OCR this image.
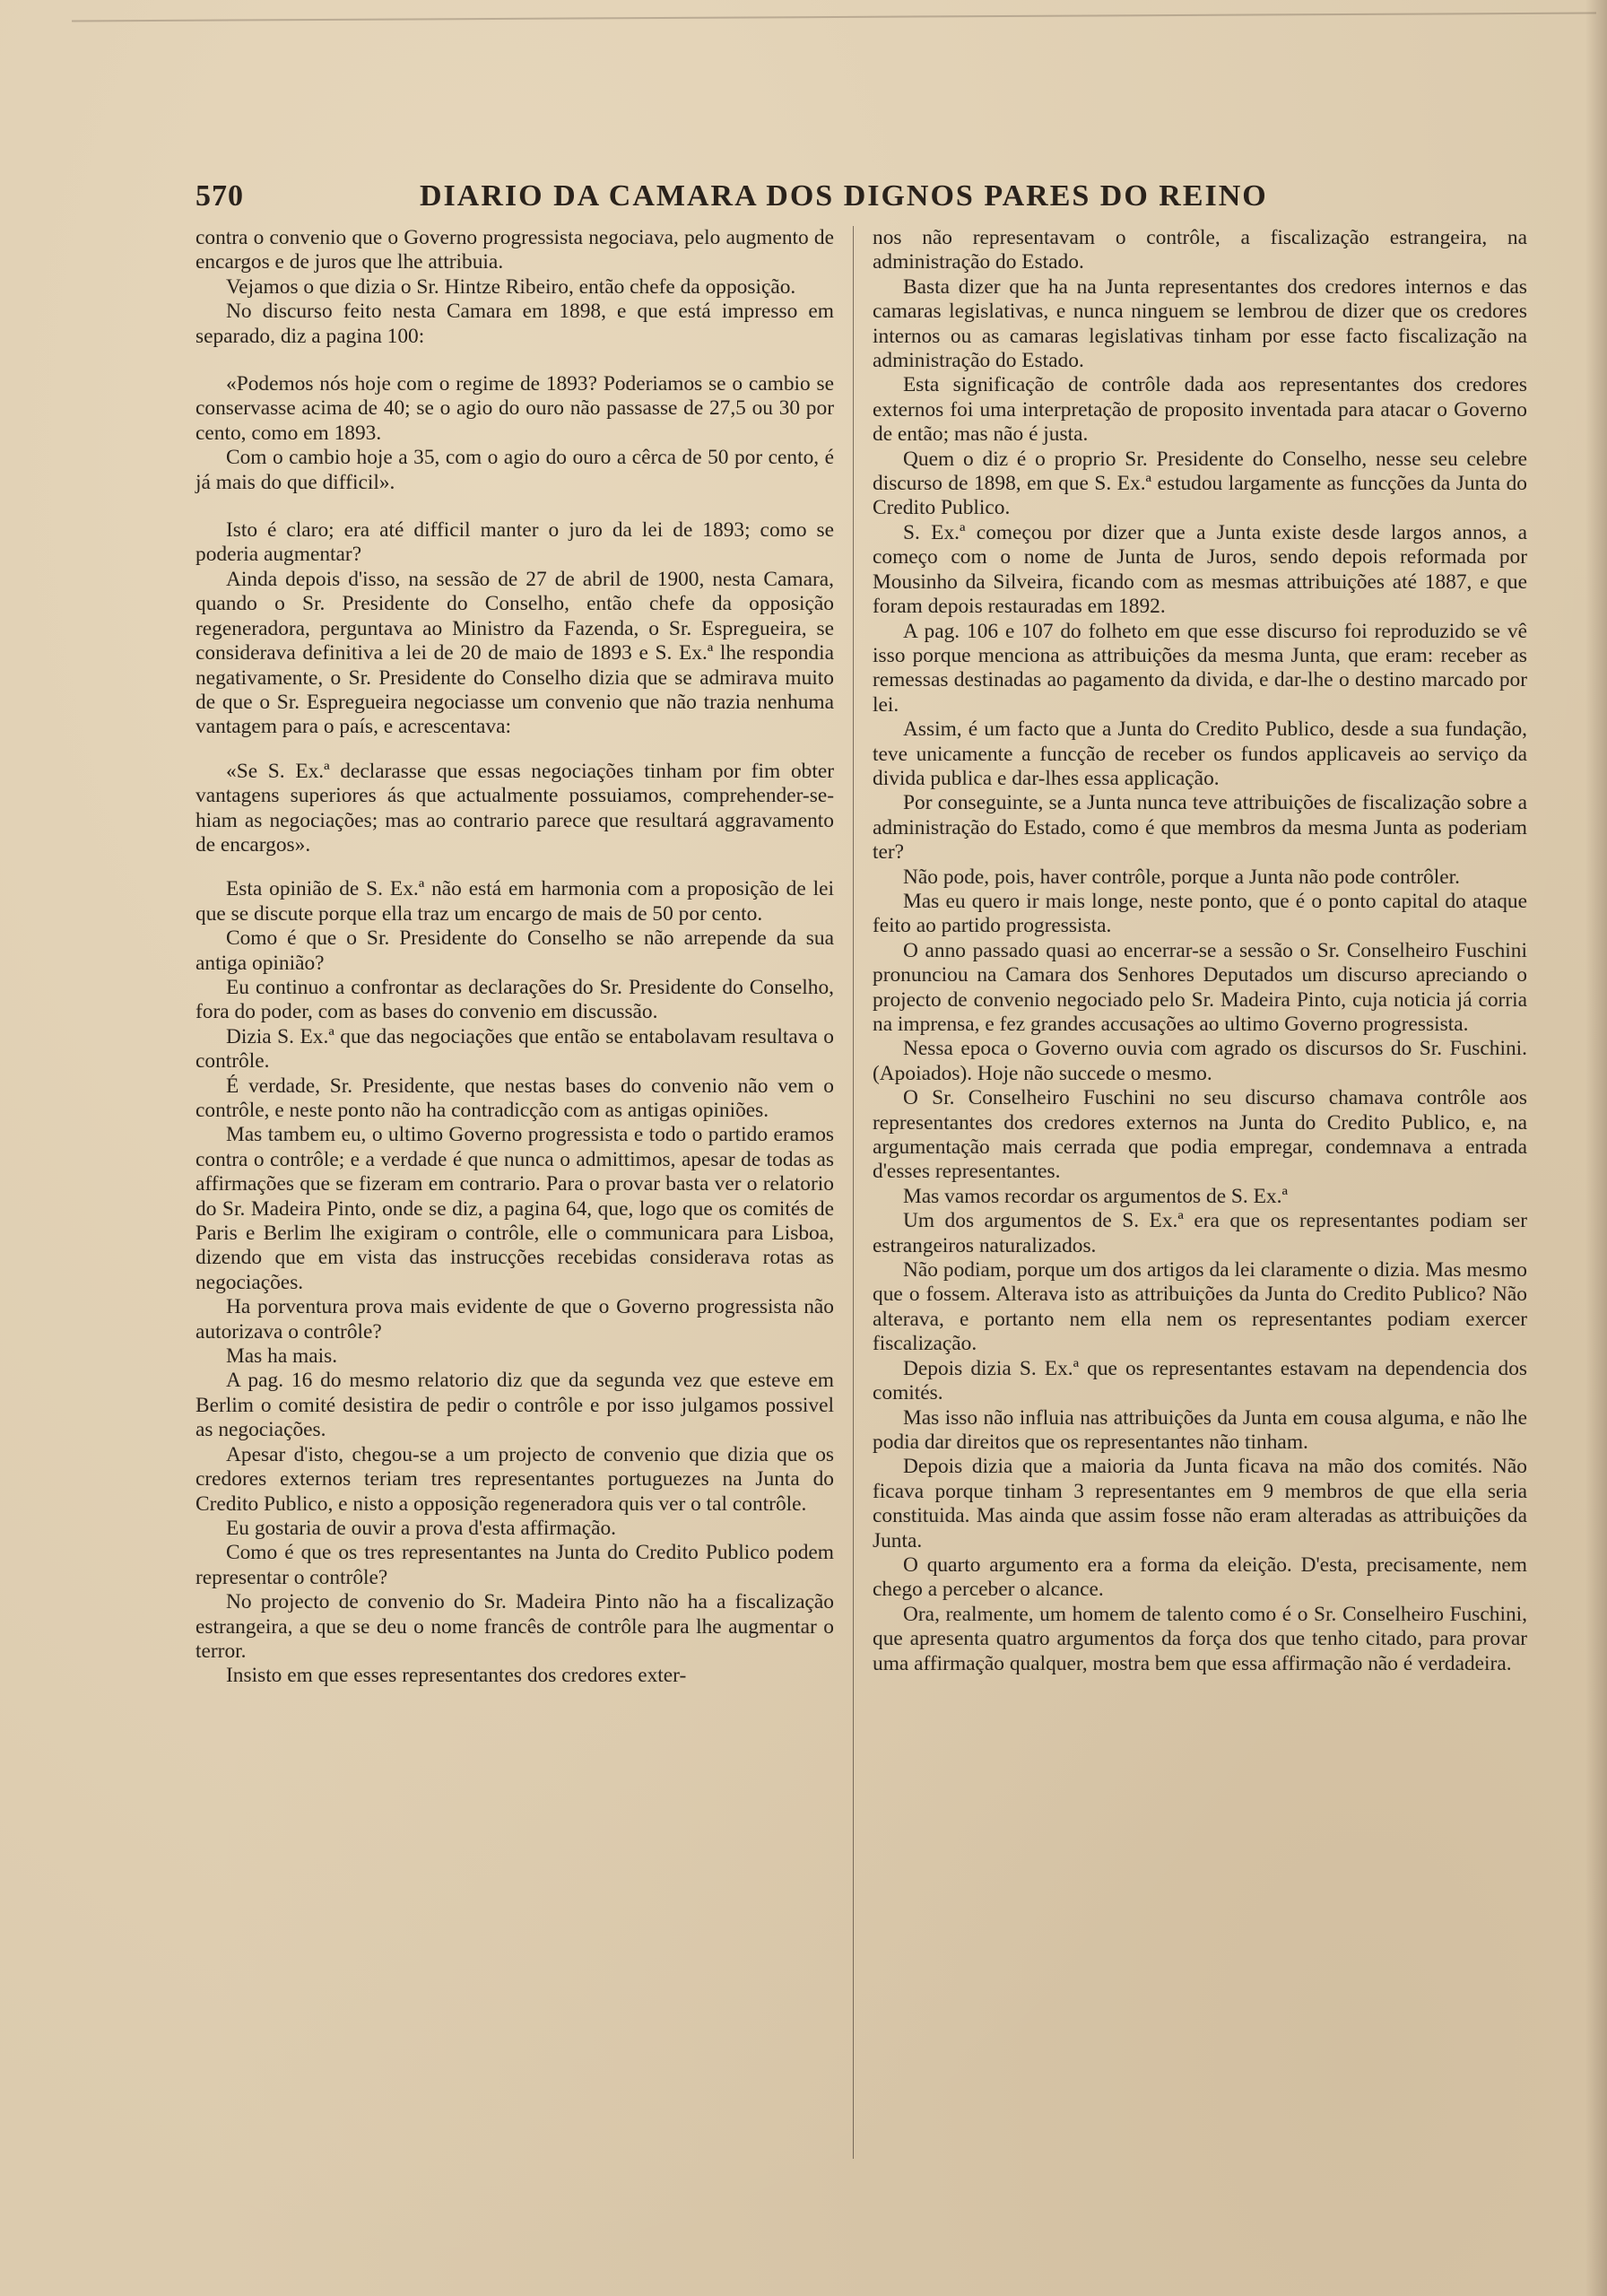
570	DIARIO DA CAMARA DOS DIGNOS PARES DO REINO

contra o convenio que o Governo progressista negociava, pelo augmento de encargos e de juros que lhe attribuia.

Vejamos o que dizia o Sr. Hintze Ribeiro, então chefe da opposição.

No discurso feito nesta Camara em 1898, e que está impresso em separado, diz a pagina 100:

«Podemos nós hoje com o regime de 1893? Poderiamos se o cambio se conservasse acima de 40; se o agio do ouro não passasse de 27,5 ou 30 por cento, como em 1893.

Com o cambio hoje a 35, com o agio do ouro a cêrca de 50 por cento, é já mais do que difficil».

Isto é claro; era até difficil manter o juro da lei de 1893; como se poderia augmentar?

Ainda depois d'isso, na sessão de 27 de abril de 1900, nesta Camara, quando o Sr. Presidente do Conselho, então chefe da opposição regeneradora, perguntava ao Ministro da Fazenda, o Sr. Espregueira, se considerava definitiva a lei de 20 de maio de 1893 e S. Ex.ª lhe respondia negativamente, o Sr. Presidente do Conselho dizia que se admirava muito de que o Sr. Espregueira negociasse um convenio que não trazia nenhuma vantagem para o país, e acrescentava:

«Se S. Ex.ª declarasse que essas negociações tinham por fim obter vantagens superiores ás que actualmente possuiamos, comprehender-se-hiam as negociações; mas ao contrario parece que resultará aggravamento de encargos».

Esta opinião de S. Ex.ª não está em harmonia com a proposição de lei que se discute porque ella traz um encargo de mais de 50 por cento.

Como é que o Sr. Presidente do Conselho se não arrepende da sua antiga opinião?

Eu continuo a confrontar as declarações do Sr. Presidente do Conselho, fora do poder, com as bases do convenio em discussão.

Dizia S. Ex.ª que das negociações que então se entabolavam resultava o contrôle.

É verdade, Sr. Presidente, que nestas bases do convenio não vem o contrôle, e neste ponto não ha contradicção com as antigas opiniões.

Mas tambem eu, o ultimo Governo progressista e todo o partido eramos contra o contrôle; e a verdade é que nunca o admittimos, apesar de todas as affirmações que se fizeram em contrario. Para o provar basta ver o relatorio do Sr. Madeira Pinto, onde se diz, a pagina 64, que, logo que os comités de Paris e Berlim lhe exigiram o contrôle, elle o communicara para Lisboa, dizendo que em vista das instrucções recebidas considerava rotas as negociações.

Ha porventura prova mais evidente de que o Governo progressista não autorizava o contrôle?

Mas ha mais.

A pag. 16 do mesmo relatorio diz que da segunda vez que esteve em Berlim o comité desistira de pedir o contrôle e por isso julgamos possivel as negociações.

Apesar d'isto, chegou-se a um projecto de convenio que dizia que os credores externos teriam tres representantes portuguezes na Junta do Credito Publico, e nisto a opposição regeneradora quis ver o tal contrôle.

Eu gostaria de ouvir a prova d'esta affirmação.

Como é que os tres representantes na Junta do Credito Publico podem representar o contrôle?

No projecto de convenio do Sr. Madeira Pinto não ha a fiscalização estrangeira, a que se deu o nome francês de contrôle para lhe augmentar o terror.

Insisto em que esses representantes dos credores exter-

nos não representavam o contrôle, a fiscalização estrangeira, na administração do Estado.

Basta dizer que ha na Junta representantes dos credores internos e das camaras legislativas, e nunca ninguem se lembrou de dizer que os credores internos ou as camaras legislativas tinham por esse facto fiscalização na administração do Estado.

Esta significação de contrôle dada aos representantes dos credores externos foi uma interpretação de proposito inventada para atacar o Governo de então; mas não é justa.

Quem o diz é o proprio Sr. Presidente do Conselho, nesse seu celebre discurso de 1898, em que S. Ex.ª estudou largamente as funcções da Junta do Credito Publico.

S. Ex.ª começou por dizer que a Junta existe desde largos annos, a começo com o nome de Junta de Juros, sendo depois reformada por Mousinho da Silveira, ficando com as mesmas attribuições até 1887, e que foram depois restauradas em 1892.

A pag. 106 e 107 do folheto em que esse discurso foi reproduzido se vê isso porque menciona as attribuições da mesma Junta, que eram: receber as remessas destinadas ao pagamento da divida, e dar-lhe o destino marcado por lei.

Assim, é um facto que a Junta do Credito Publico, desde a sua fundação, teve unicamente a funcção de receber os fundos applicaveis ao serviço da divida publica e dar-lhes essa applicação.

Por conseguinte, se a Junta nunca teve attribuições de fiscalização sobre a administração do Estado, como é que membros da mesma Junta as poderiam ter?

Não pode, pois, haver contrôle, porque a Junta não pode contrôler.

Mas eu quero ir mais longe, neste ponto, que é o ponto capital do ataque feito ao partido progressista.

O anno passado quasi ao encerrar-se a sessão o Sr. Conselheiro Fuschini pronunciou na Camara dos Senhores Deputados um discurso apreciando o projecto de convenio negociado pelo Sr. Madeira Pinto, cuja noticia já corria na imprensa, e fez grandes accusações ao ultimo Governo progressista.

Nessa epoca o Governo ouvia com agrado os discursos do Sr. Fuschini. (Apoiados). Hoje não succede o mesmo.

O Sr. Conselheiro Fuschini no seu discurso chamava contrôle aos representantes dos credores externos na Junta do Credito Publico, e, na argumentação mais cerrada que podia empregar, condemnava a entrada d'esses representantes.

Mas vamos recordar os argumentos de S. Ex.ª

Um dos argumentos de S. Ex.ª era que os representantes podiam ser estrangeiros naturalizados.

Não podiam, porque um dos artigos da lei claramente o dizia. Mas mesmo que o fossem. Alterava isto as attribuições da Junta do Credito Publico? Não alterava, e portanto nem ella nem os representantes podiam exercer fiscalização.

Depois dizia S. Ex.ª que os representantes estavam na dependencia dos comités.

Mas isso não influia nas attribuições da Junta em cousa alguma, e não lhe podia dar direitos que os representantes não tinham.

Depois dizia que a maioria da Junta ficava na mão dos comités. Não ficava porque tinham 3 representantes em 9 membros de que ella seria constituida. Mas ainda que assim fosse não eram alteradas as attribuições da Junta.

O quarto argumento era a forma da eleição. D'esta, precisamente, nem chego a perceber o alcance.

Ora, realmente, um homem de talento como é o Sr. Conselheiro Fuschini, que apresenta quatro argumentos da força dos que tenho citado, para provar uma affirmação qualquer, mostra bem que essa affirmação não é verdadeira.
